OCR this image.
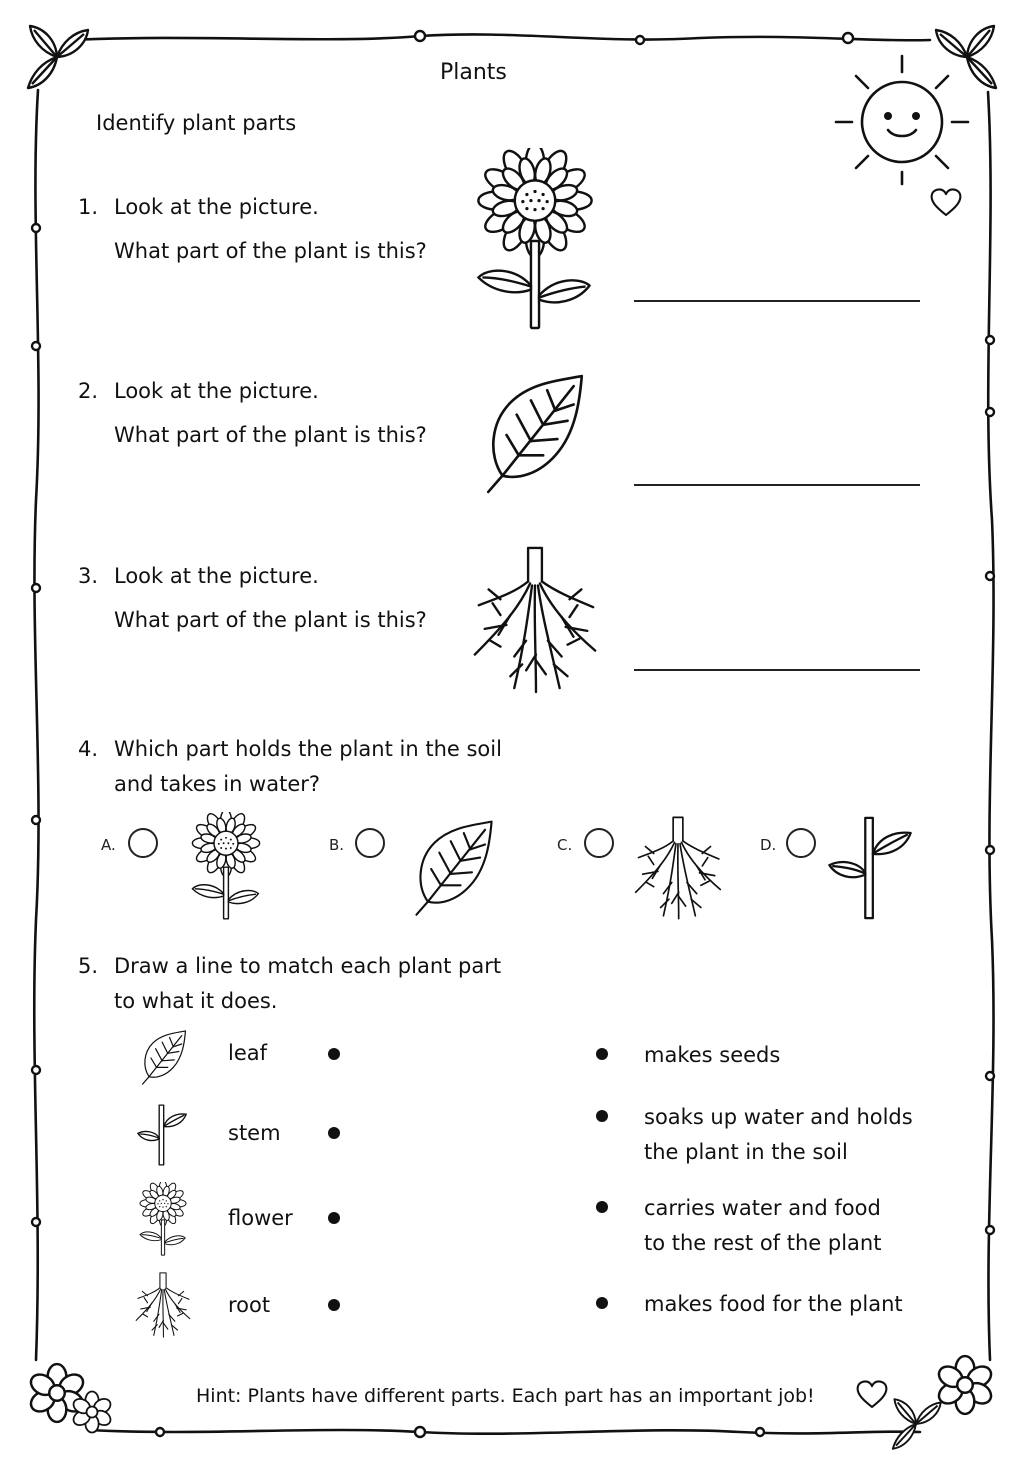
Plants
Identify plant parts
1. Look at the picture.
What part of the plant is this?
2. Look at the picture.
What part of the plant is this?
3. Look at the picture.
What part of the plant is this?
4. Which part holds the plant in the soil
and takes in water?
A.	B.	C.	D.
5. Draw a line to match each plant part
to what it does.
leaf
stem
flower
root
makes seeds
soaks up water and holds
the plant in the soil
carries water and food
to the rest of the plant
makes food for the plant
Hint: Plants have different parts. Each part has an important job!
